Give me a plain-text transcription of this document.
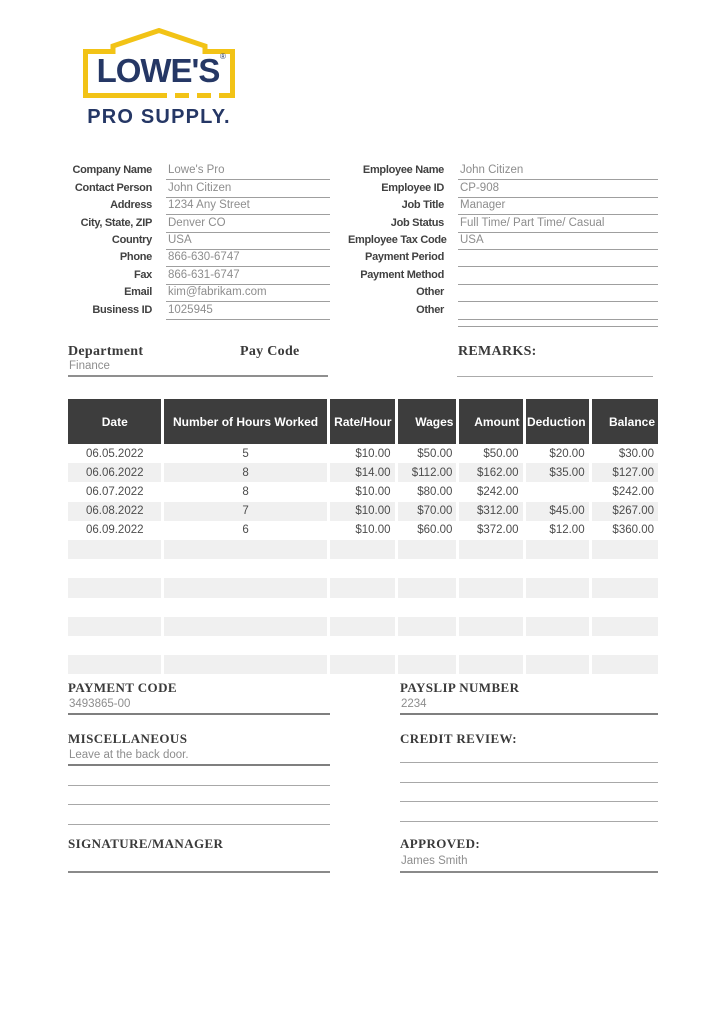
LOWE'S ®
PRO SUPPLY.
Company Name Lowe's Pro
Contact Person John Citizen
Address 1234 Any Street
City, State, ZIP Denver CO
Country USA
Phone 866-630-6747
Fax 866-631-6747
Email kim@fabrikam.com
Business ID 1025945
Employee Name John Citizen
Employee ID CP-908
Job Title Manager
Job Status Full Time/ Part Time/ Casual
Employee Tax Code USA
Payment Period
Payment Method
Other
Other
Department	Pay Code	REMARKS:
Finance
Date	Number of Hours Worked	Rate/Hour	Wages	Amount	Deduction	Balance
06.05.2022	5	$10.00	$50.00	$50.00	$20.00	$30.00
06.06.2022	8	$14.00	$112.00	$162.00	$35.00	$127.00
06.07.2022	8	$10.00	$80.00	$242.00		$242.00
06.08.2022	7	$10.00	$70.00	$312.00	$45.00	$267.00
06.09.2022	6	$10.00	$60.00	$372.00	$12.00	$360.00

PAYMENT CODE
3493865-00
PAYSLIP NUMBER
2234
MISCELLANEOUS
Leave at the back door.
CREDIT REVIEW:
SIGNATURE/MANAGER	APPROVED:
James Smith
